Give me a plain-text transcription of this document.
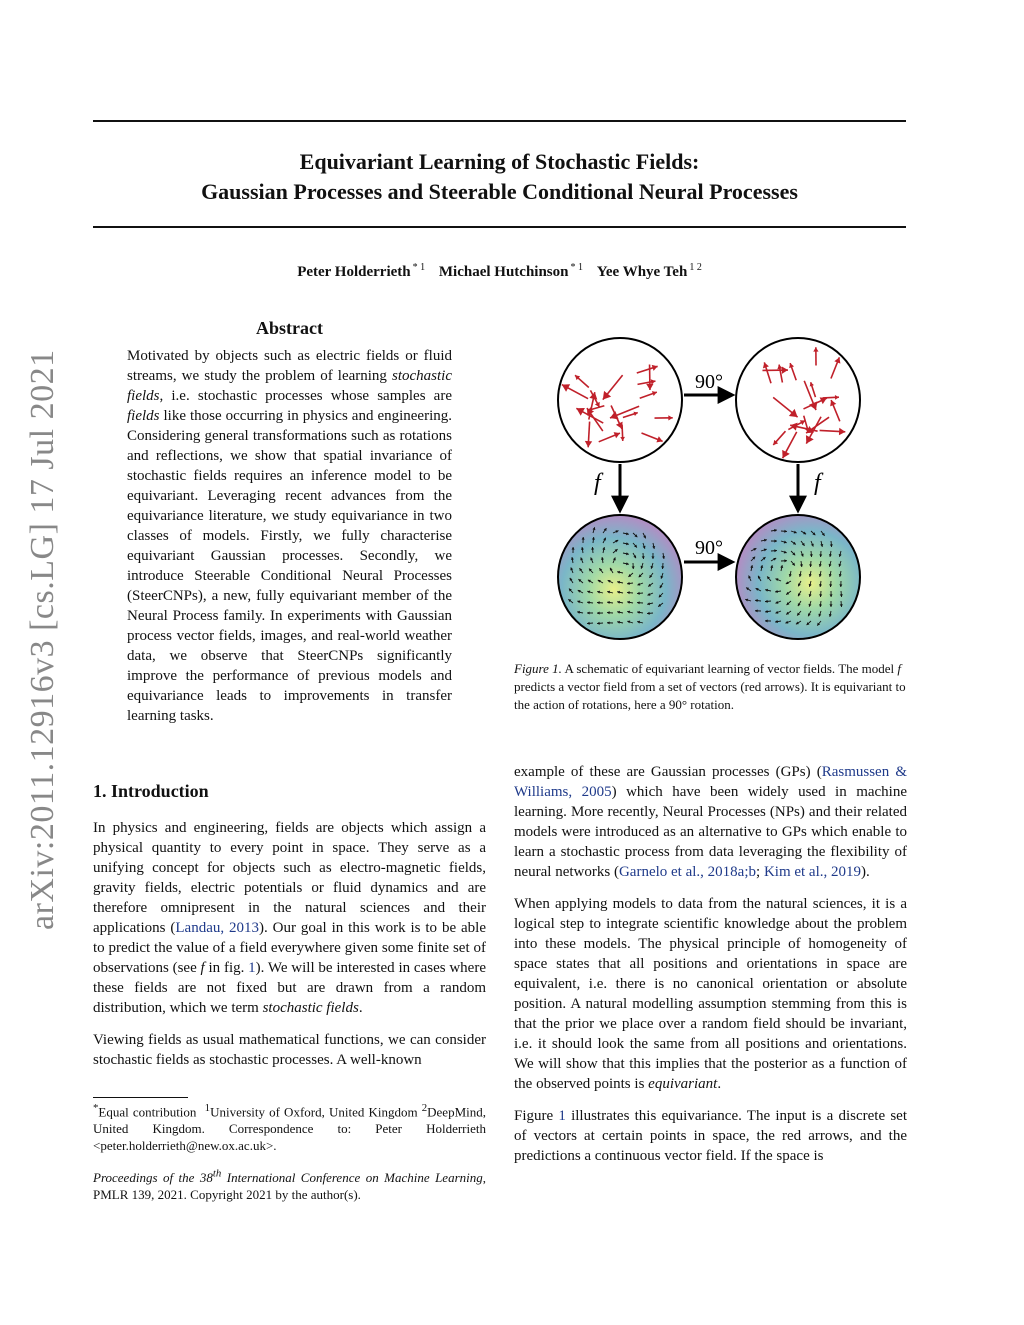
arXiv:2011.12916v3 [cs.LG] 17 Jul 2021
Equivariant Learning of Stochastic Fields:
Gaussian Processes and Steerable Conditional Neural Processes
Peter Holderrieth $^{* 1}$ Michael Hutchinson $^{* 1}$ Yee Whye Teh $^{1 2}$
Abstract
Motivated by objects such as electric fields or fluid streams, we study the problem of learning stochastic fields, i.e. stochastic processes whose samples are fields like those occurring in physics and engineering. Considering general transformations such as rotations and reflections, we show that spatial invariance of stochastic fields requires an inference model to be equivariant. Leveraging recent advances from the equivariance literature, we study equivariance in two classes of models. Firstly, we fully characterise equivariant Gaussian processes. Secondly, we introduce Steerable Conditional Neural Processes (SteerCNPs), a new, fully equivariant member of the Neural Process family. In experiments with Gaussian process vector fields, images, and real-world weather data, we observe that SteerCNPs significantly improve the performance of previous models and equivariance leads to improvements in transfer learning tasks.
1. Introduction

In physics and engineering, fields are objects which assign a physical quantity to every point in space. They serve as a unifying concept for objects such as electro-magnetic fields, gravity fields, electric potentials or fluid dynamics and are therefore omnipresent in the natural sciences and their applications (Landau, 2013). Our goal in this work is to be able to predict the value of a field everywhere given some finite set of observations (see f in fig. 1). We will be interested in cases where these fields are not fixed but are drawn from a random distribution, which we term stochastic fields.

Viewing fields as usual mathematical functions, we can consider stochastic fields as stochastic processes. A well-known

example of these are Gaussian processes (GPs) (Rasmussen & Williams, 2005) which have been widely used in machine learning. More recently, Neural Processes (NPs) and their related models were introduced as an alternative to GPs which enable to learn a stochastic process from data leveraging the flexibility of neural networks (Garnelo et al., 2018a;b; Kim et al., 2019).

When applying models to data from the natural sciences, it is a logical step to integrate scientific knowledge about the problem into these models. The physical principle of homogeneity of space states that all positions and orientations in space are equivalent, i.e. there is no canonical orientation or absolute position. A natural modelling assumption stemming from this is that the prior we place over a random field should be invariant, i.e. it should look the same from all positions and orientations. We will show that this implies that the posterior as a function of the observed points is equivariant.

Figure 1 illustrates this equivariance. The input is a discrete set of vectors at certain points in space, the red arrows, and the predictions a continuous vector field. If the space is

90°
90°
f	f
Figure 1. A schematic of equivariant learning of vector fields. The model f predicts a vector field from a set of vectors (red arrows). It is equivariant to the action of rotations, here a 90° rotation.
*Equal contribution $^1$University of Oxford, United Kingdom $^2$DeepMind, United Kingdom. Correspondence to: Peter Holderrieth <peter.holderrieth@new.ox.ac.uk>.
Proceedings of the 38th International Conference on Machine Learning, PMLR 139, 2021. Copyright 2021 by the author(s).
